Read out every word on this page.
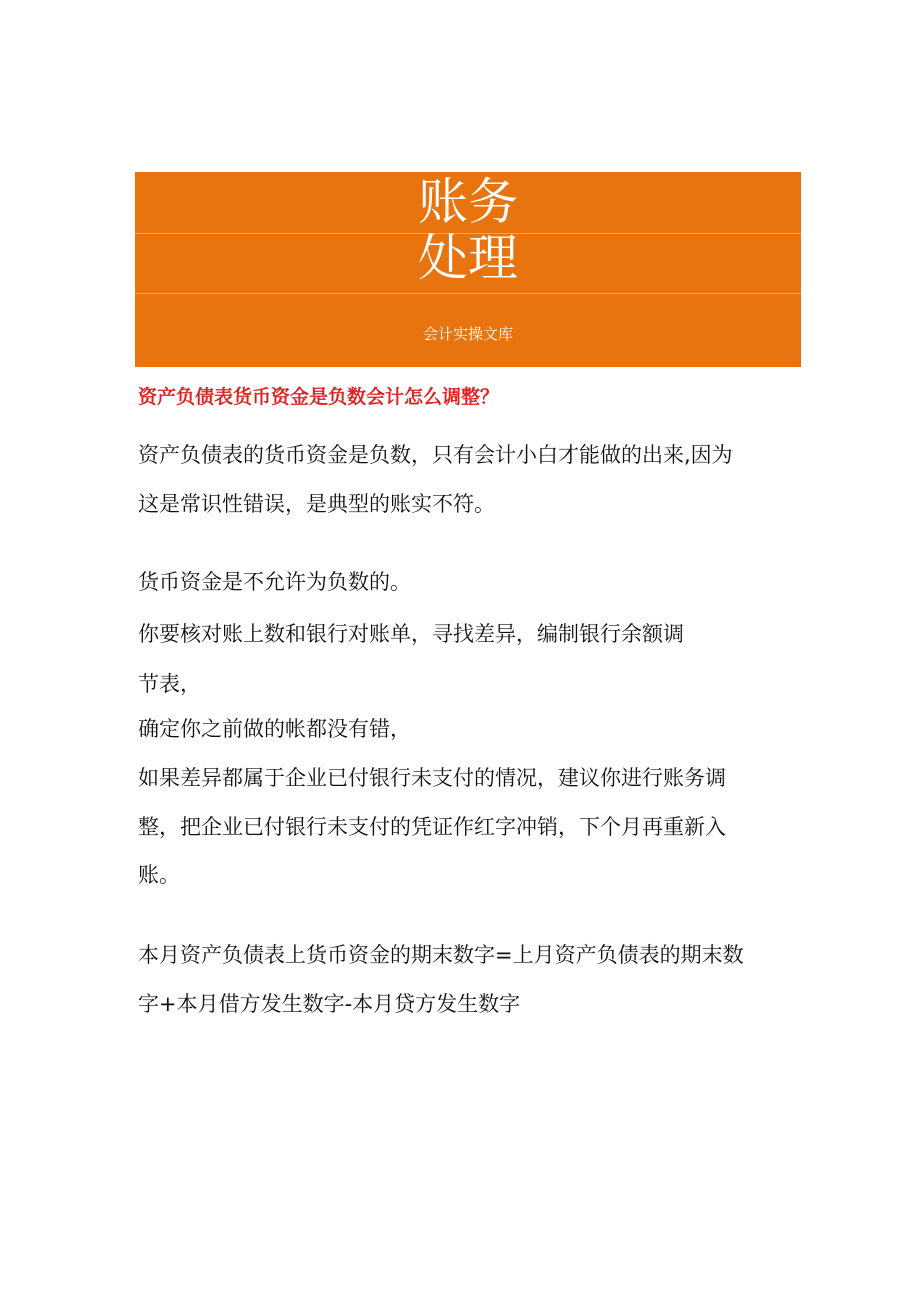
账务
处理
会计实操文库
资产负债表货币资金是负数会计怎么调整？

资产负债表的货币资金是负数，只有会计小白才能做的出来,因为

这是常识性错误，是典型的账实不符。

货币资金是不允许为负数的。

你要核对账上数和银行对账单，寻找差异，编制银行余额调

节表，

确定你之前做的帐都没有错，

如果差异都属于企业已付银行未支付的情况，建议你进行账务调

整，把企业已付银行未支付的凭证作红字冲销，下个月再重新入

账。

本月资产负债表上货币资金的期末数字=上月资产负债表的期末数

字+本月借方发生数字-本月贷方发生数字
